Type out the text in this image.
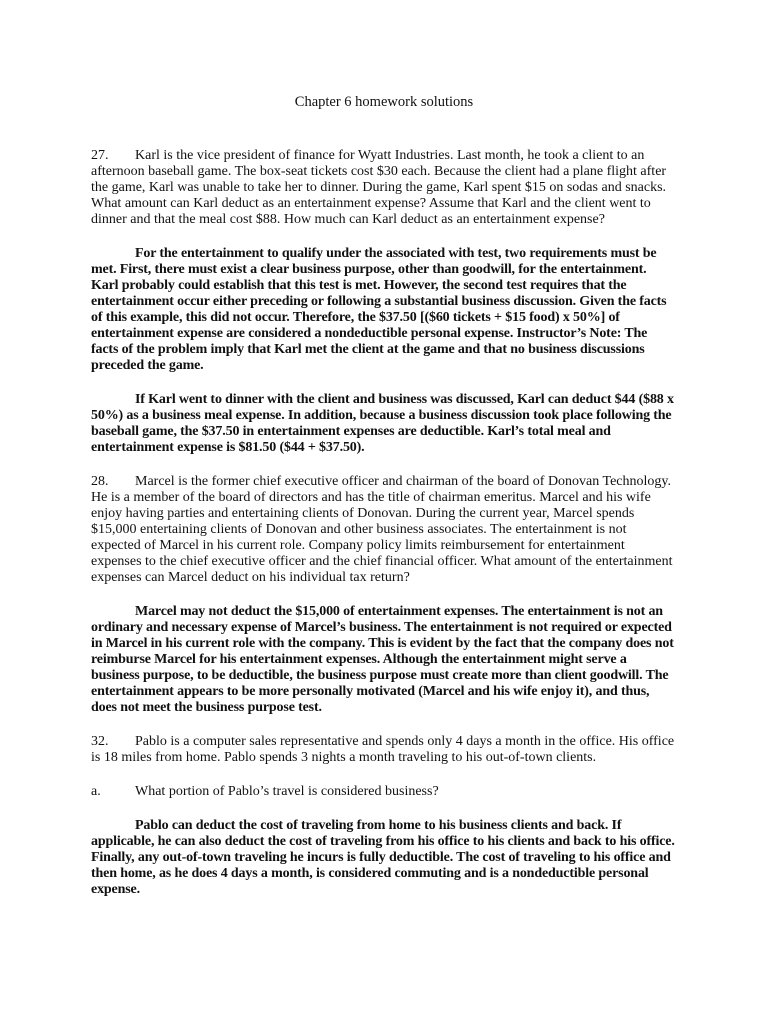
Chapter 6 homework solutions

27. Karl is the vice president of finance for Wyatt Industries. Last month, he took a client to an afternoon baseball game. The box-seat tickets cost $30 each. Because the client had a plane flight after the game, Karl was unable to take her to dinner. During the game, Karl spent $15 on sodas and snacks. What amount can Karl deduct as an entertainment expense? Assume that Karl and the client went to dinner and that the meal cost $88. How much can Karl deduct as an entertainment expense?

For the entertainment to qualify under the associated with test, two requirements must be met. First, there must exist a clear business purpose, other than goodwill, for the entertainment. Karl probably could establish that this test is met. However, the second test requires that the entertainment occur either preceding or following a substantial business discussion. Given the facts of this example, this did not occur. Therefore, the $37.50 [($60 tickets + $15 food) x 50%] of entertainment expense are considered a nondeductible personal expense. Instructor’s Note: The facts of the problem imply that Karl met the client at the game and that no business discussions preceded the game.

If Karl went to dinner with the client and business was discussed, Karl can deduct $44 ($88 x 50%) as a business meal expense. In addition, because a business discussion took place following the baseball game, the $37.50 in entertainment expenses are deductible. Karl’s total meal and entertainment expense is $81.50 ($44 + $37.50).

28. Marcel is the former chief executive officer and chairman of the board of Donovan Technology. He is a member of the board of directors and has the title of chairman emeritus. Marcel and his wife enjoy having parties and entertaining clients of Donovan. During the current year, Marcel spends $15,000 entertaining clients of Donovan and other business associates. The entertainment is not expected of Marcel in his current role. Company policy limits reimbursement for entertainment expenses to the chief executive officer and the chief financial officer. What amount of the entertainment expenses can Marcel deduct on his individual tax return?

Marcel may not deduct the $15,000 of entertainment expenses. The entertainment is not an ordinary and necessary expense of Marcel’s business. The entertainment is not required or expected in Marcel in his current role with the company. This is evident by the fact that the company does not reimburse Marcel for his entertainment expenses. Although the entertainment might serve a business purpose, to be deductible, the business purpose must create more than client goodwill. The entertainment appears to be more personally motivated (Marcel and his wife enjoy it), and thus, does not meet the business purpose test.

32. Pablo is a computer sales representative and spends only 4 days a month in the office. His office is 18 miles from home. Pablo spends 3 nights a month traveling to his out-of-town clients.

a. What portion of Pablo’s travel is considered business?

Pablo can deduct the cost of traveling from home to his business clients and back. If applicable, he can also deduct the cost of traveling from his office to his clients and back to his office. Finally, any out-of-town traveling he incurs is fully deductible. The cost of traveling to his office and then home, as he does 4 days a month, is considered commuting and is a nondeductible personal expense.
